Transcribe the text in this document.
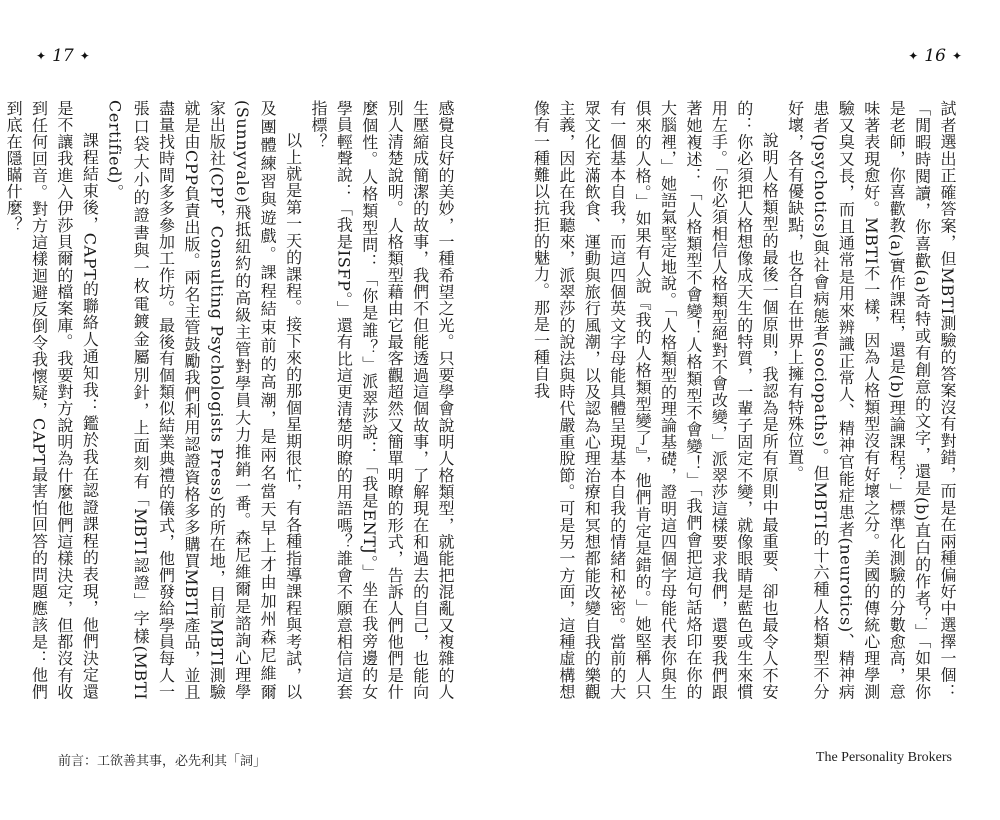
✦ 16 ✦

試者選出正確答案，但MBTI測驗的答案沒有對錯，而是在兩種偏好中選擇一個：「閒暇時閱讀，你喜歡(a)奇特或有創意的文字，還是(b)直白的作者？」「如果你是老師，你喜歡教(a)實作課程，還是(b)理論課程？」標準化測驗的分數愈高，意味著表現愈好。MBTI不一樣，因為人格類型沒有好壞之分。美國的傳統心理學測驗又臭又長，而且通常是用來辨識正常人、精神官能症患者(neurotics)、精神病患者(psychotics)與社會病態者(sociopaths)。但MBTI的十六種人格類型不分好壞，各有優缺點，也各自在世界上擁有特殊位置。

說明人格類型的最後一個原則，我認為是所有原則中最重要、卻也最令人不安的：你必須把人格想像成天生的特質，一輩子固定不變，就像眼睛是藍色或生來慣用左手。「你必須相信人格類型絕對不會改變，」派翠莎這樣要求我們，還要我們跟著她複述：「人格類型不會變！人格類型不會變！」「我們會把這句話烙印在你的大腦裡，」她語氣堅定地說。「人格類型的理論基礎，證明這四個字母能代表你與生俱來的人格。」如果有人說『我的人格類型變了』，他們肯定是錯的。」她堅稱人只有一個基本自我，而這四個英文字母能具體呈現基本自我的情緒和祕密。當前的大眾文化充滿飲食、運動與旅行風潮，以及認為心理治療和冥想都能改變自我的樂觀主義，因此在我聽來，派翠莎的說法與時代嚴重脫節。可是另一方面，這種虛構想像有一種難以抗拒的魅力。那是一種自我

The Personality Brokers
✦ 17 ✦

感覺良好的美妙，一種希望之光。只要學會說明人格類型，就能把混亂又複雜的人生壓縮成簡潔的故事，我們不但能透過這個故事，了解現在和過去的自己，也能向別人清楚說明。人格類型藉由它最客觀超然又簡單明瞭的形式，告訴人們他們是什麼個性。人格類型問：「你是誰？」派翠莎說：「我是ENTJ。」坐在我旁邊的女學員輕聲說：「我是ISFP。」還有比這更清楚明瞭的用語嗎？誰會不願意相信這套指標？

以上就是第一天的課程。接下來的那個星期很忙，有各種指導課程與考試，以及團體練習與遊戲。課程結束前的高潮，是兩名當天早上才由加州森尼維爾(Sunnyvale)飛抵紐約的高級主管對學員大力推銷一番。森尼維爾是諮詢心理學家出版社(CPP，Consulting Psychologists Press)的所在地，目前MBTI測驗就是由CPP負責出版。兩名主管鼓勵我們利用認證資格多多購買MBTI產品，並且盡量找時間多多參加工作坊。最後有個類似結業典禮的儀式，他們發給學員每人一張口袋大小的證書與一枚電鍍金屬別針，上面刻有「MBTI認證」字樣(MBTI Certified)。

課程結束後，CAPT的聯絡人通知我：鑑於我在認證課程的表現，他們決定還是不讓我進入伊莎貝爾的檔案庫。我要對方說明為什麼他們這樣決定，但都沒有收到任何回音。對方這樣迴避反倒令我懷疑，CAPT最害怕回答的問題應該是：他們到底在隱瞞什麼？

前言：工欲善其事，必先利其「詞」
